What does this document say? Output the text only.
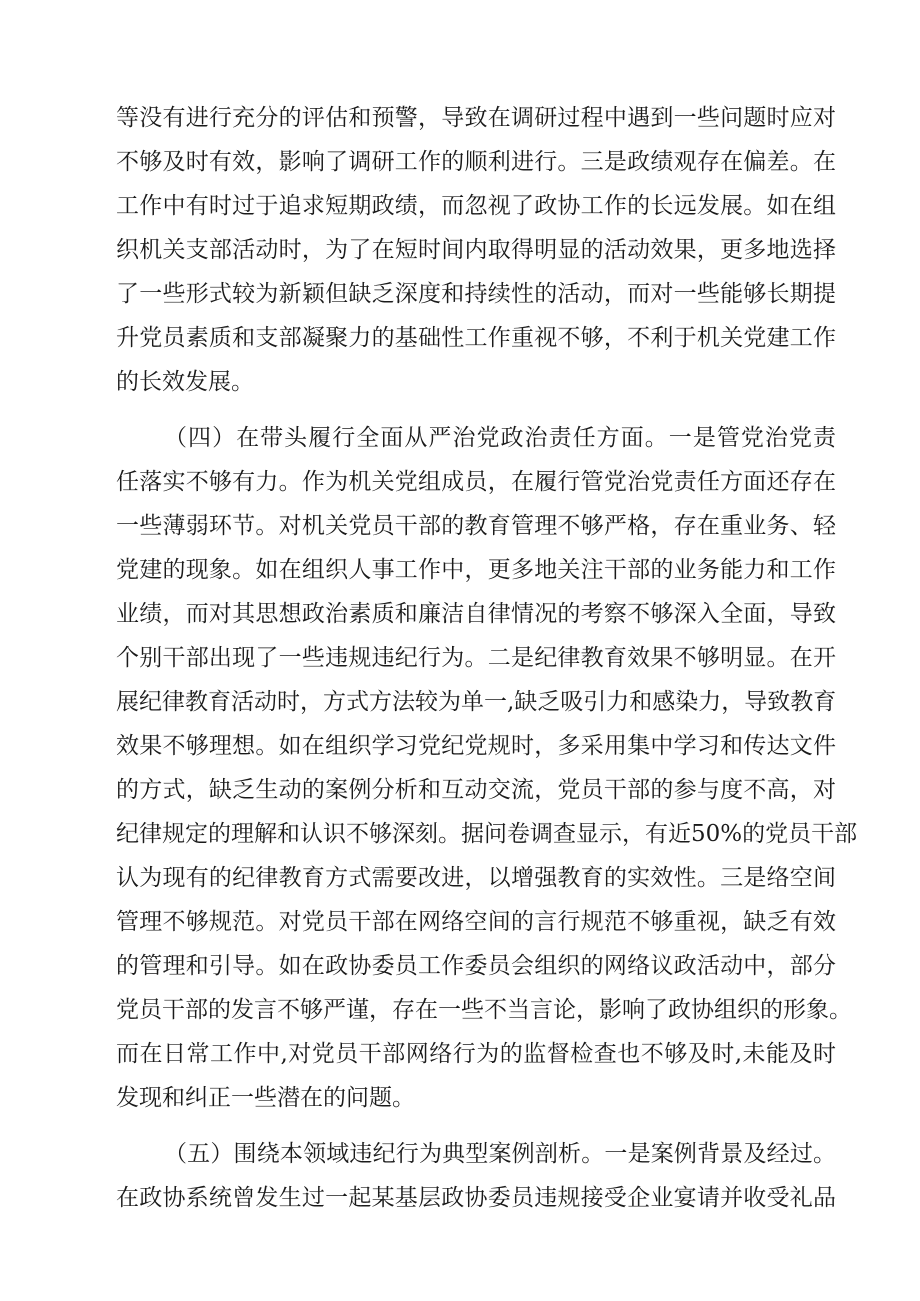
等没有进行充分的评估和预警，导致在调研过程中遇到一些问题时应对
不够及时有效，影响了调研工作的顺利进行。三是政绩观存在偏差。在
工作中有时过于追求短期政绩，而忽视了政协工作的长远发展。如在组
织机关支部活动时，为了在短时间内取得明显的活动效果，更多地选择
了一些形式较为新颖但缺乏深度和持续性的活动，而对一些能够长期提
升党员素质和支部凝聚力的基础性工作重视不够，不利于机关党建工作
的长效发展。
（四）在带头履行全面从严治党政治责任方面。一是管党治党责
任落实不够有力。作为机关党组成员，在履行管党治党责任方面还存在
一些薄弱环节。对机关党员干部的教育管理不够严格，存在重业务、轻
党建的现象。如在组织人事工作中，更多地关注干部的业务能力和工作
业绩，而对其思想政治素质和廉洁自律情况的考察不够深入全面，导致
个别干部出现了一些违规违纪行为。二是纪律教育效果不够明显。在开
展纪律教育活动时，方式方法较为单一,缺乏吸引力和感染力，导致教育
效果不够理想。如在组织学习党纪党规时，多采用集中学习和传达文件
的方式，缺乏生动的案例分析和互动交流，党员干部的参与度不高，对
纪律规定的理解和认识不够深刻。据问卷调查显示，有近50%的党员干部
认为现有的纪律教育方式需要改进，以增强教育的实效性。三是络空间
管理不够规范。对党员干部在网络空间的言行规范不够重视，缺乏有效
的管理和引导。如在政协委员工作委员会组织的网络议政活动中，部分
党员干部的发言不够严谨，存在一些不当言论，影响了政协组织的形象。
而在日常工作中,对党员干部网络行为的监督检查也不够及时,未能及时
发现和纠正一些潜在的问题。
（五）围绕本领域违纪行为典型案例剖析。一是案例背景及经过。
在政协系统曾发生过一起某基层政协委员违规接受企业宴请并收受礼品
